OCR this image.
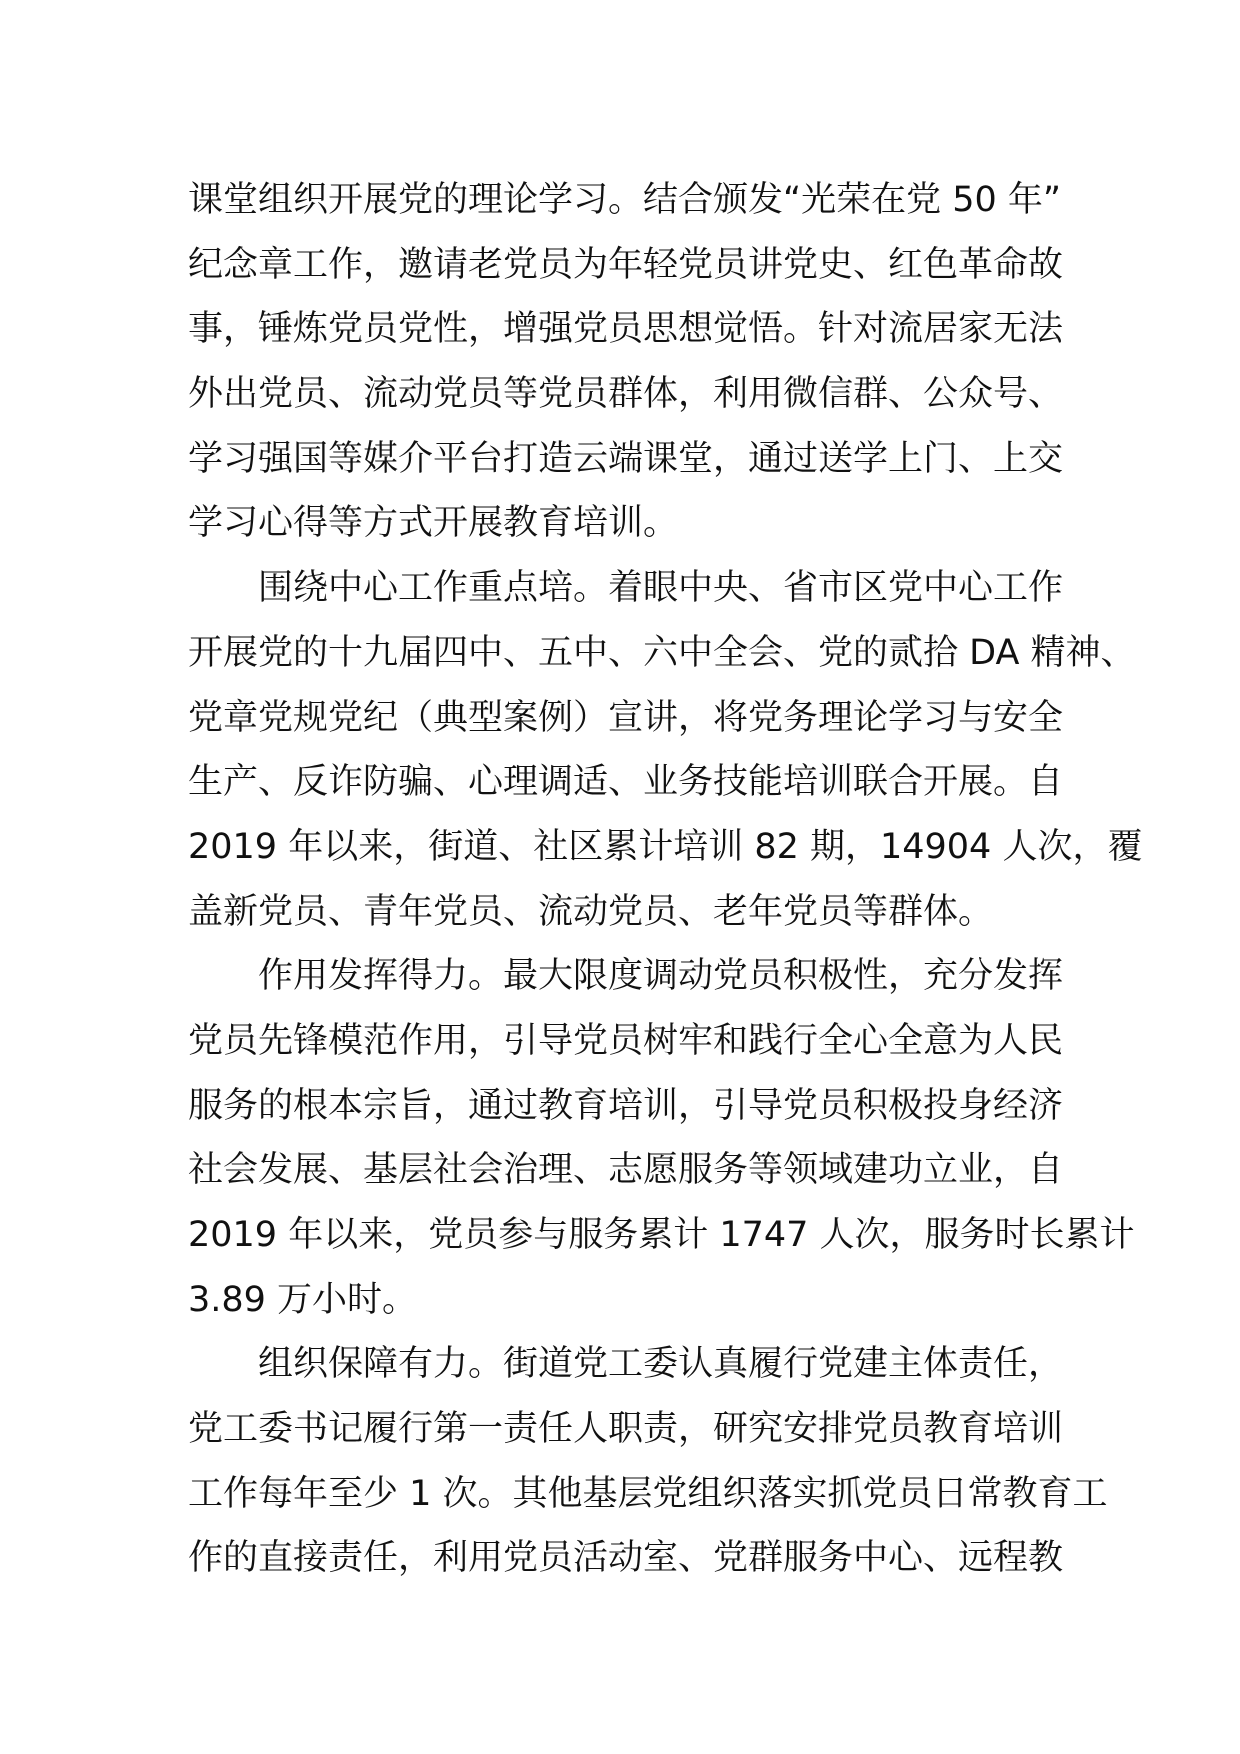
课堂组织开展党的理论学习。结合颁发“光荣在党 50 年”
纪念章工作，邀请老党员为年轻党员讲党史、红色革命故
事，锤炼党员党性，增强党员思想觉悟。针对流居家无法
外出党员、流动党员等党员群体，利用微信群、公众号、
学习强国等媒介平台打造云端课堂，通过送学上门、上交
学习心得等方式开展教育培训。
围绕中心工作重点培。着眼中央、省市区党中心工作
开展党的十九届四中、五中、六中全会、党的贰拾 DA 精神、
党章党规党纪（典型案例）宣讲，将党务理论学习与安全
生产、反诈防骗、心理调适、业务技能培训联合开展。自
2019 年以来，街道、社区累计培训 82 期，14904 人次，覆
盖新党员、青年党员、流动党员、老年党员等群体。
作用发挥得力。最大限度调动党员积极性，充分发挥
党员先锋模范作用，引导党员树牢和践行全心全意为人民
服务的根本宗旨，通过教育培训，引导党员积极投身经济
社会发展、基层社会治理、志愿服务等领域建功立业，自
2019 年以来，党员参与服务累计 1747 人次，服务时长累计
3.89 万小时。
组织保障有力。街道党工委认真履行党建主体责任，
党工委书记履行第一责任人职责，研究安排党员教育培训
工作每年至少 1 次。其他基层党组织落实抓党员日常教育工
作的直接责任，利用党员活动室、党群服务中心、远程教
